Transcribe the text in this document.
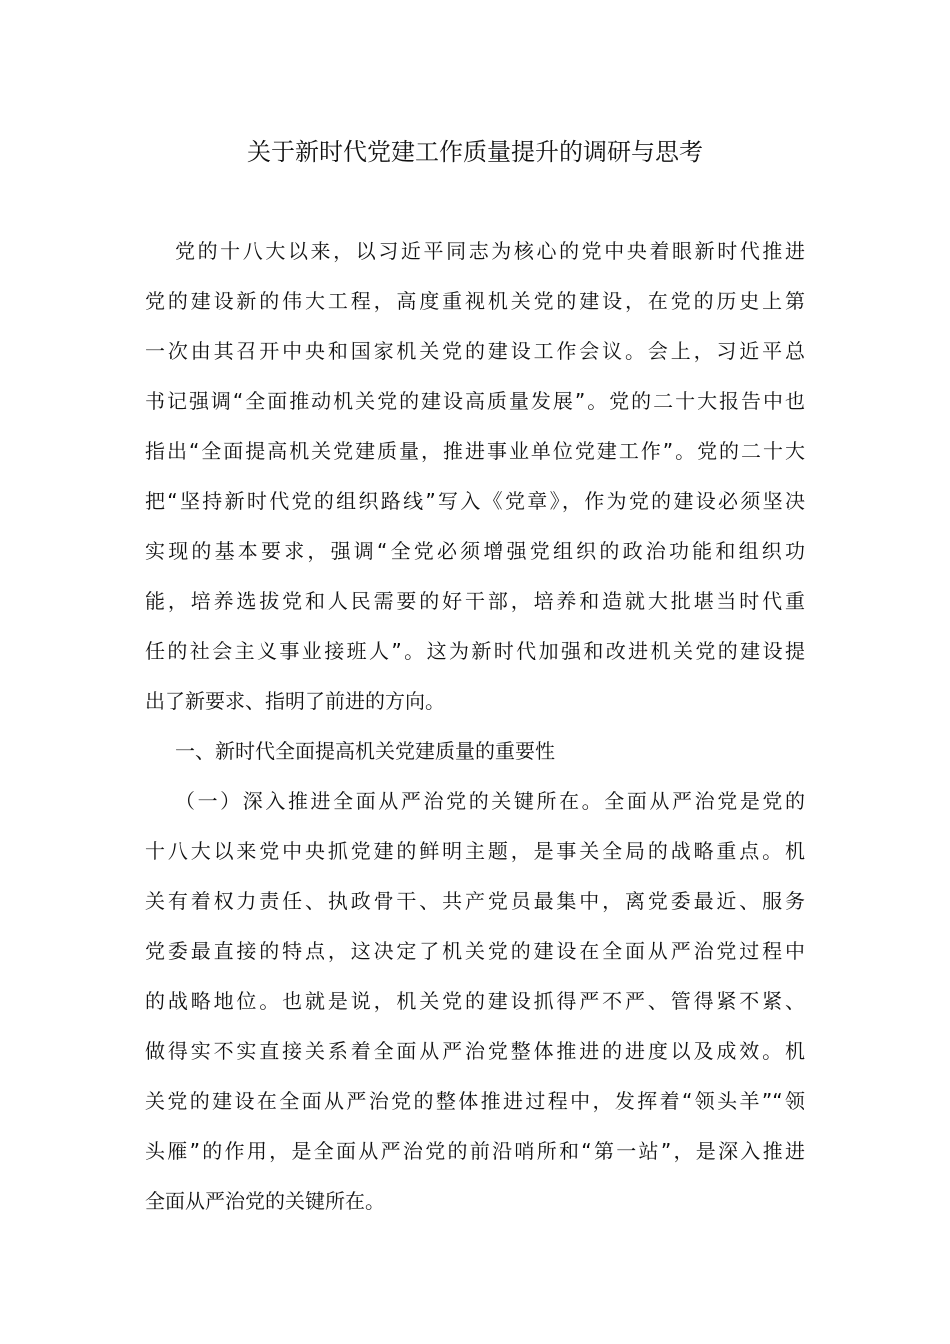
关于新时代党建工作质量提升的调研与思考
党的十八大以来，以习近平同志为核心的党中央着眼新时代推进
党的建设新的伟大工程，高度重视机关党的建设，在党的历史上第
一次由其召开中央和国家机关党的建设工作会议。会上，习近平总
书记强调“全面推动机关党的建设高质量发展”。党的二十大报告中也
指出“全面提高机关党建质量，推进事业单位党建工作”。党的二十大
把“坚持新时代党的组织路线”写入《党章》，作为党的建设必须坚决
实现的基本要求，强调“全党必须增强党组织的政治功能和组织功
能，培养选拔党和人民需要的好干部，培养和造就大批堪当时代重
任的社会主义事业接班人”。这为新时代加强和改进机关党的建设提
出了新要求、指明了前进的方向。
一、新时代全面提高机关党建质量的重要性
（一）深入推进全面从严治党的关键所在。全面从严治党是党的
十八大以来党中央抓党建的鲜明主题，是事关全局的战略重点。机
关有着权力责任、执政骨干、共产党员最集中，离党委最近、服务
党委最直接的特点，这决定了机关党的建设在全面从严治党过程中
的战略地位。也就是说，机关党的建设抓得严不严、管得紧不紧、
做得实不实直接关系着全面从严治党整体推进的进度以及成效。机
关党的建设在全面从严治党的整体推进过程中，发挥着“领头羊”“领
头雁”的作用，是全面从严治党的前沿哨所和“第一站”，是深入推进
全面从严治党的关键所在。
